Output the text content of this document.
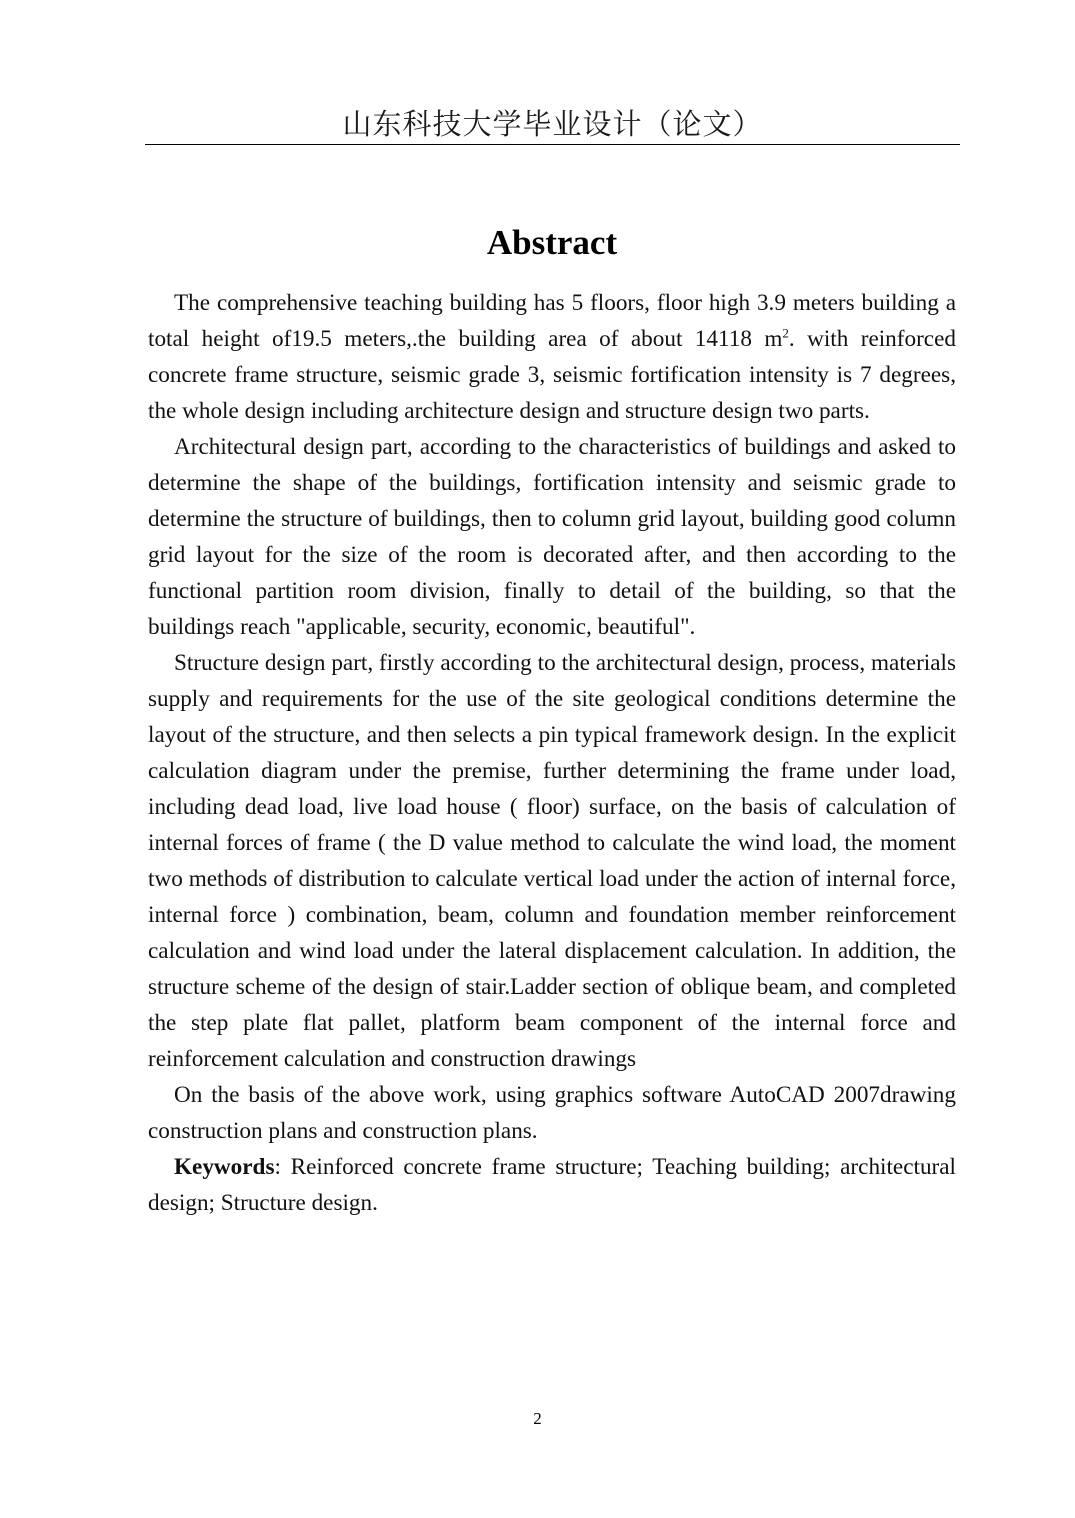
山东科技大学毕业设计（论文）
Abstract

The comprehensive teaching building has 5 floors, floor high 3.9 meters building a total height of19.5 meters,.the building area of about 14118 $m^2$. with reinforced concrete frame structure, seismic grade 3, seismic fortification intensity is 7 degrees, the whole design including architecture design and structure design two parts.

Architectural design part, according to the characteristics of buildings and asked to determine the shape of the buildings, fortification intensity and seismic grade to determine the structure of buildings, then to column grid layout, building good column grid layout for the size of the room is decorated after, and then according to the functional partition room division, finally to detail of the building, so that the buildings reach "applicable, security, economic, beautiful".

Structure design part, firstly according to the architectural design, process, materials supply and requirements for the use of the site geological conditions determine the layout of the structure, and then selects a pin typical framework design. In the explicit calculation diagram under the premise, further determining the frame under load, including dead load, live load house ( floor) surface, on the basis of calculation of internal forces of frame ( the D value method to calculate the wind load, the moment two methods of distribution to calculate vertical load under the action of internal force, internal force ) combination, beam, column and foundation member reinforcement calculation and wind load under the lateral displacement calculation. In addition, the structure scheme of the design of stair.Ladder section of oblique beam, and completed the step plate flat pallet, platform beam component of the internal force and reinforcement calculation and construction drawings

On the basis of the above work, using graphics software AutoCAD 2007drawing construction plans and construction plans.

Keywords: Reinforced concrete frame structure; Teaching building; architectural design; Structure design.

2
